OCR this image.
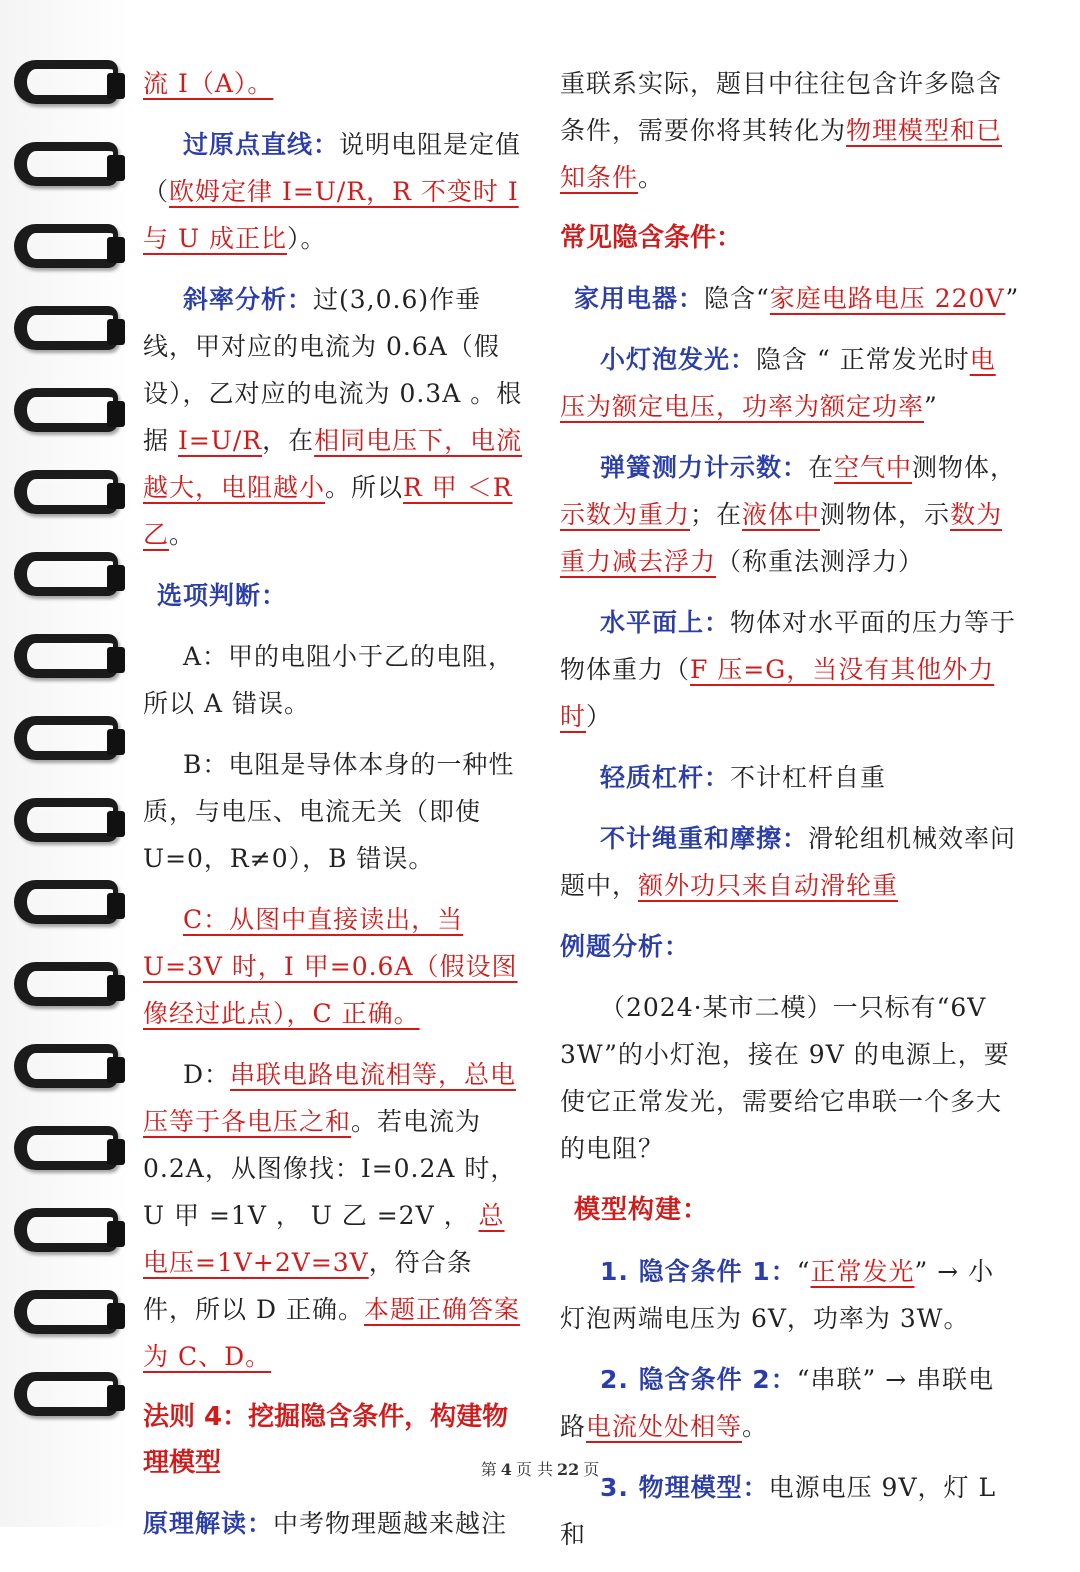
流 I（A）。

过原点直线：说明电阻是定值（欧姆定律 I=U/R，R 不变时 I 与 U 成正比）。

斜率分析：过(3,0.6)作垂线，甲对应的电流为 0.6A（假设），乙对应的电流为 0.3A 。根据 I=U/R，在相同电压下，电流越大，电阻越小。所以R 甲 ＜R 乙。

选项判断：

A：甲的电阻小于乙的电阻，所以 A 错误。

B：电阻是导体本身的一种性质，与电压、电流无关（即使 U=0，R≠0），B 错误。

C：从图中直接读出，当 U=3V 时，I 甲=0.6A（假设图像经过此点），C 正确。

D：串联电路电流相等，总电压等于各电压之和。若电流为 0.2A，从图像找：I=0.2A 时，U 甲 =1V ， U 乙 =2V ， 总电压=1V+2V=3V，符合条件，所以 D 正确。本题正确答案为 C、D。

法则 4：挖掘隐含条件，构建物理模型

原理解读：中考物理题越来越注

重联系实际，题目中往往包含许多隐含条件，需要你将其转化为物理模型和已知条件。

常见隐含条件：

家用电器：隐含“家庭电路电压 220V”

小灯泡发光：隐含 “ 正常发光时电压为额定电压，功率为额定功率”

弹簧测力计示数：在空气中测物体，示数为重力；在液体中测物体，示数为重力减去浮力（称重法测浮力）

水平面上：物体对水平面的压力等于物体重力（F 压=G，当没有其他外力时）

轻质杠杆：不计杠杆自重

不计绳重和摩擦：滑轮组机械效率问题中，额外功只来自动滑轮重

例题分析：

（2024·某市二模）一只标有“6V 3W”的小灯泡，接在 9V 的电源上，要使它正常发光，需要给它串联一个多大的电阻？

模型构建：

1. 隐含条件 1：“正常发光” → 小灯泡两端电压为 6V，功率为 3W。

2. 隐含条件 2：“串联” → 串联电路电流处处相等。

3. 物理模型：电源电压 9V，灯 L 和

第 4 页 共 22 页
